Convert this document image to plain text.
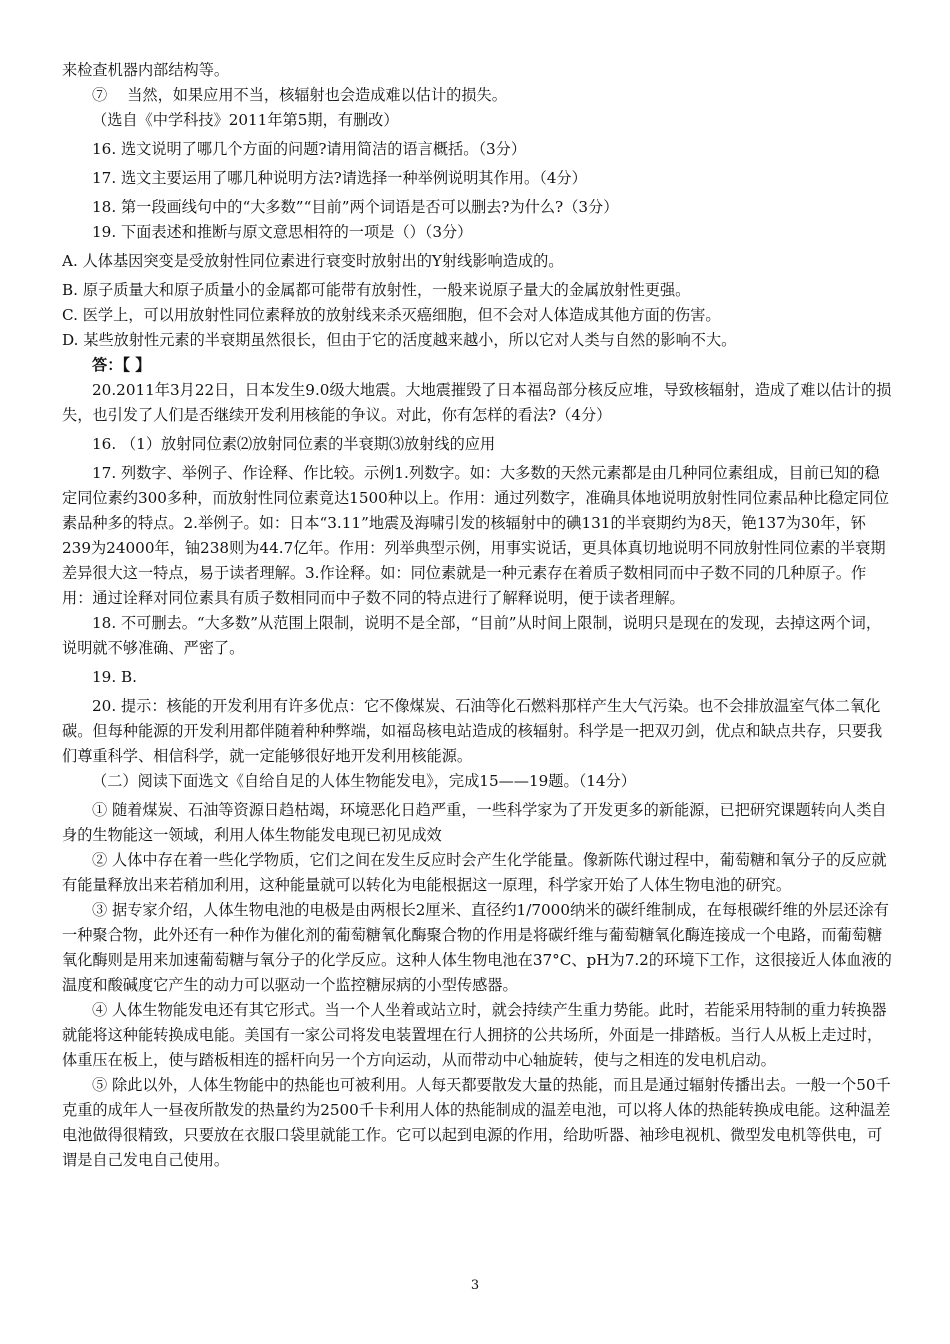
来检查机器内部结构等。

⑦　 当然，如果应用不当，核辐射也会造成难以估计的损失。

（选自《中学科技》2011年第5期，有删改）

16. 选文说明了哪几个方面的问题?请用简洁的语言概括。（3分）

17. 选文主要运用了哪几种说明方法?请选择一种举例说明其作用。（4分）

18. 第一段画线句中的“大多数”“目前”两个词语是否可以删去?为什么?（3分）

19. 下面表述和推断与原文意思相符的一项是（）（3分）

A. 人体基因突变是受放射性同位素进行衰变时放射出的Y射线影响造成的。

B. 原子质量大和原子质量小的金属都可能带有放射性，一般来说原子量大的金属放射性更强。

C. 医学上，可以用放射性同位素释放的放射线来杀灭癌细胞，但不会对人体造成其他方面的伤害。

D. 某些放射性元素的半衰期虽然很长，但由于它的活度越来越小，所以它对人类与自然的影响不大。

答：【 】

20.2011年3月22日，日本发生9.0级大地震。大地震摧毁了日本福岛部分核反应堆，导致核辐射，造成了难以估计的损失，也引发了人们是否继续开发利用核能的争议。对此，你有怎样的看法?（4分）

16. （1）放射同位素⑵放射同位素的半衰期⑶放射线的应用

17. 列数字、举例子、作诠释、作比较。示例1.列数字。如：大多数的天然元素都是由几种同位素组成，目前已知的稳定同位素约300多种，而放射性同位素竟达1500种以上。作用：通过列数字，准确具体地说明放射性同位素品种比稳定同位素品种多的特点。2.举例子。如：日本“3.11”地震及海啸引发的核辐射中的碘131的半衰期约为8天，铯137为30年，钚239为24000年，铀238则为44.7亿年。作用：列举典型示例，用事实说话，更具体真切地说明不同放射性同位素的半衰期差异很大这一特点，易于读者理解。3.作诠释。如：同位素就是一种元素存在着质子数相同而中子数不同的几种原子。作用：通过诠释对同位素具有质子数相同而中子数不同的特点进行了解释说明，便于读者理解。

18. 不可删去。“大多数”从范围上限制，说明不是全部，“目前”从时间上限制，说明只是现在的发现，去掉这两个词，说明就不够准确、严密了。

19. B.

20. 提示：核能的开发利用有许多优点：它不像煤炭、石油等化石燃料那样产生大气污染。也不会排放温室气体二氧化碳。但每种能源的开发利用都伴随着种种弊端，如福岛核电站造成的核辐射。科学是一把双刃剑，优点和缺点共存，只要我们尊重科学、相信科学，就一定能够很好地开发利用核能源。

（二）阅读下面选文《自给自足的人体生物能发电》，完成15——19题。（14分）

① 随着煤炭、石油等资源日趋枯竭，环境恶化日趋严重，一些科学家为了开发更多的新能源，已把研究课题转向人类自身的生物能这一领域，利用人体生物能发电现已初见成效

② 人体中存在着一些化学物质，它们之间在发生反应时会产生化学能量。像新陈代谢过程中，葡萄糖和氧分子的反应就有能量释放出来若稍加利用，这种能量就可以转化为电能根据这一原理，科学家开始了人体生物电池的研究。

③ 据专家介绍，人体生物电池的电极是由两根长2厘米、直径约1/7000纳米的碳纤维制成，在每根碳纤维的外层还涂有一种聚合物，此外还有一种作为催化剂的葡萄糖氧化酶聚合物的作用是将碳纤维与葡萄糖氧化酶连接成一个电路，而葡萄糖氧化酶则是用来加速葡萄糖与氧分子的化学反应。这种人体生物电池在37°C、pH为7.2的环境下工作，这很接近人体血液的温度和酸碱度它产生的动力可以驱动一个监控糖尿病的小型传感器。

④ 人体生物能发电还有其它形式。当一个人坐着或站立时，就会持续产生重力势能。此时，若能采用特制的重力转换器就能将这种能转换成电能。美国有一家公司将发电装置埋在行人拥挤的公共场所，外面是一排踏板。当行人从板上走过时，体重压在板上，使与踏板相连的摇杆向另一个方向运动，从而带动中心轴旋转，使与之相连的发电机启动。

⑤ 除此以外，人体生物能中的热能也可被利用。人每天都要散发大量的热能，而且是通过辐射传播出去。一般一个50千克重的成年人一昼夜所散发的热量约为2500千卡利用人体的热能制成的温差电池，可以将人体的热能转换成电能。这种温差电池做得很精致，只要放在衣服口袋里就能工作。它可以起到电源的作用，给助听器、袖珍电视机、微型发电机等供电，可谓是自己发电自己使用。

3
